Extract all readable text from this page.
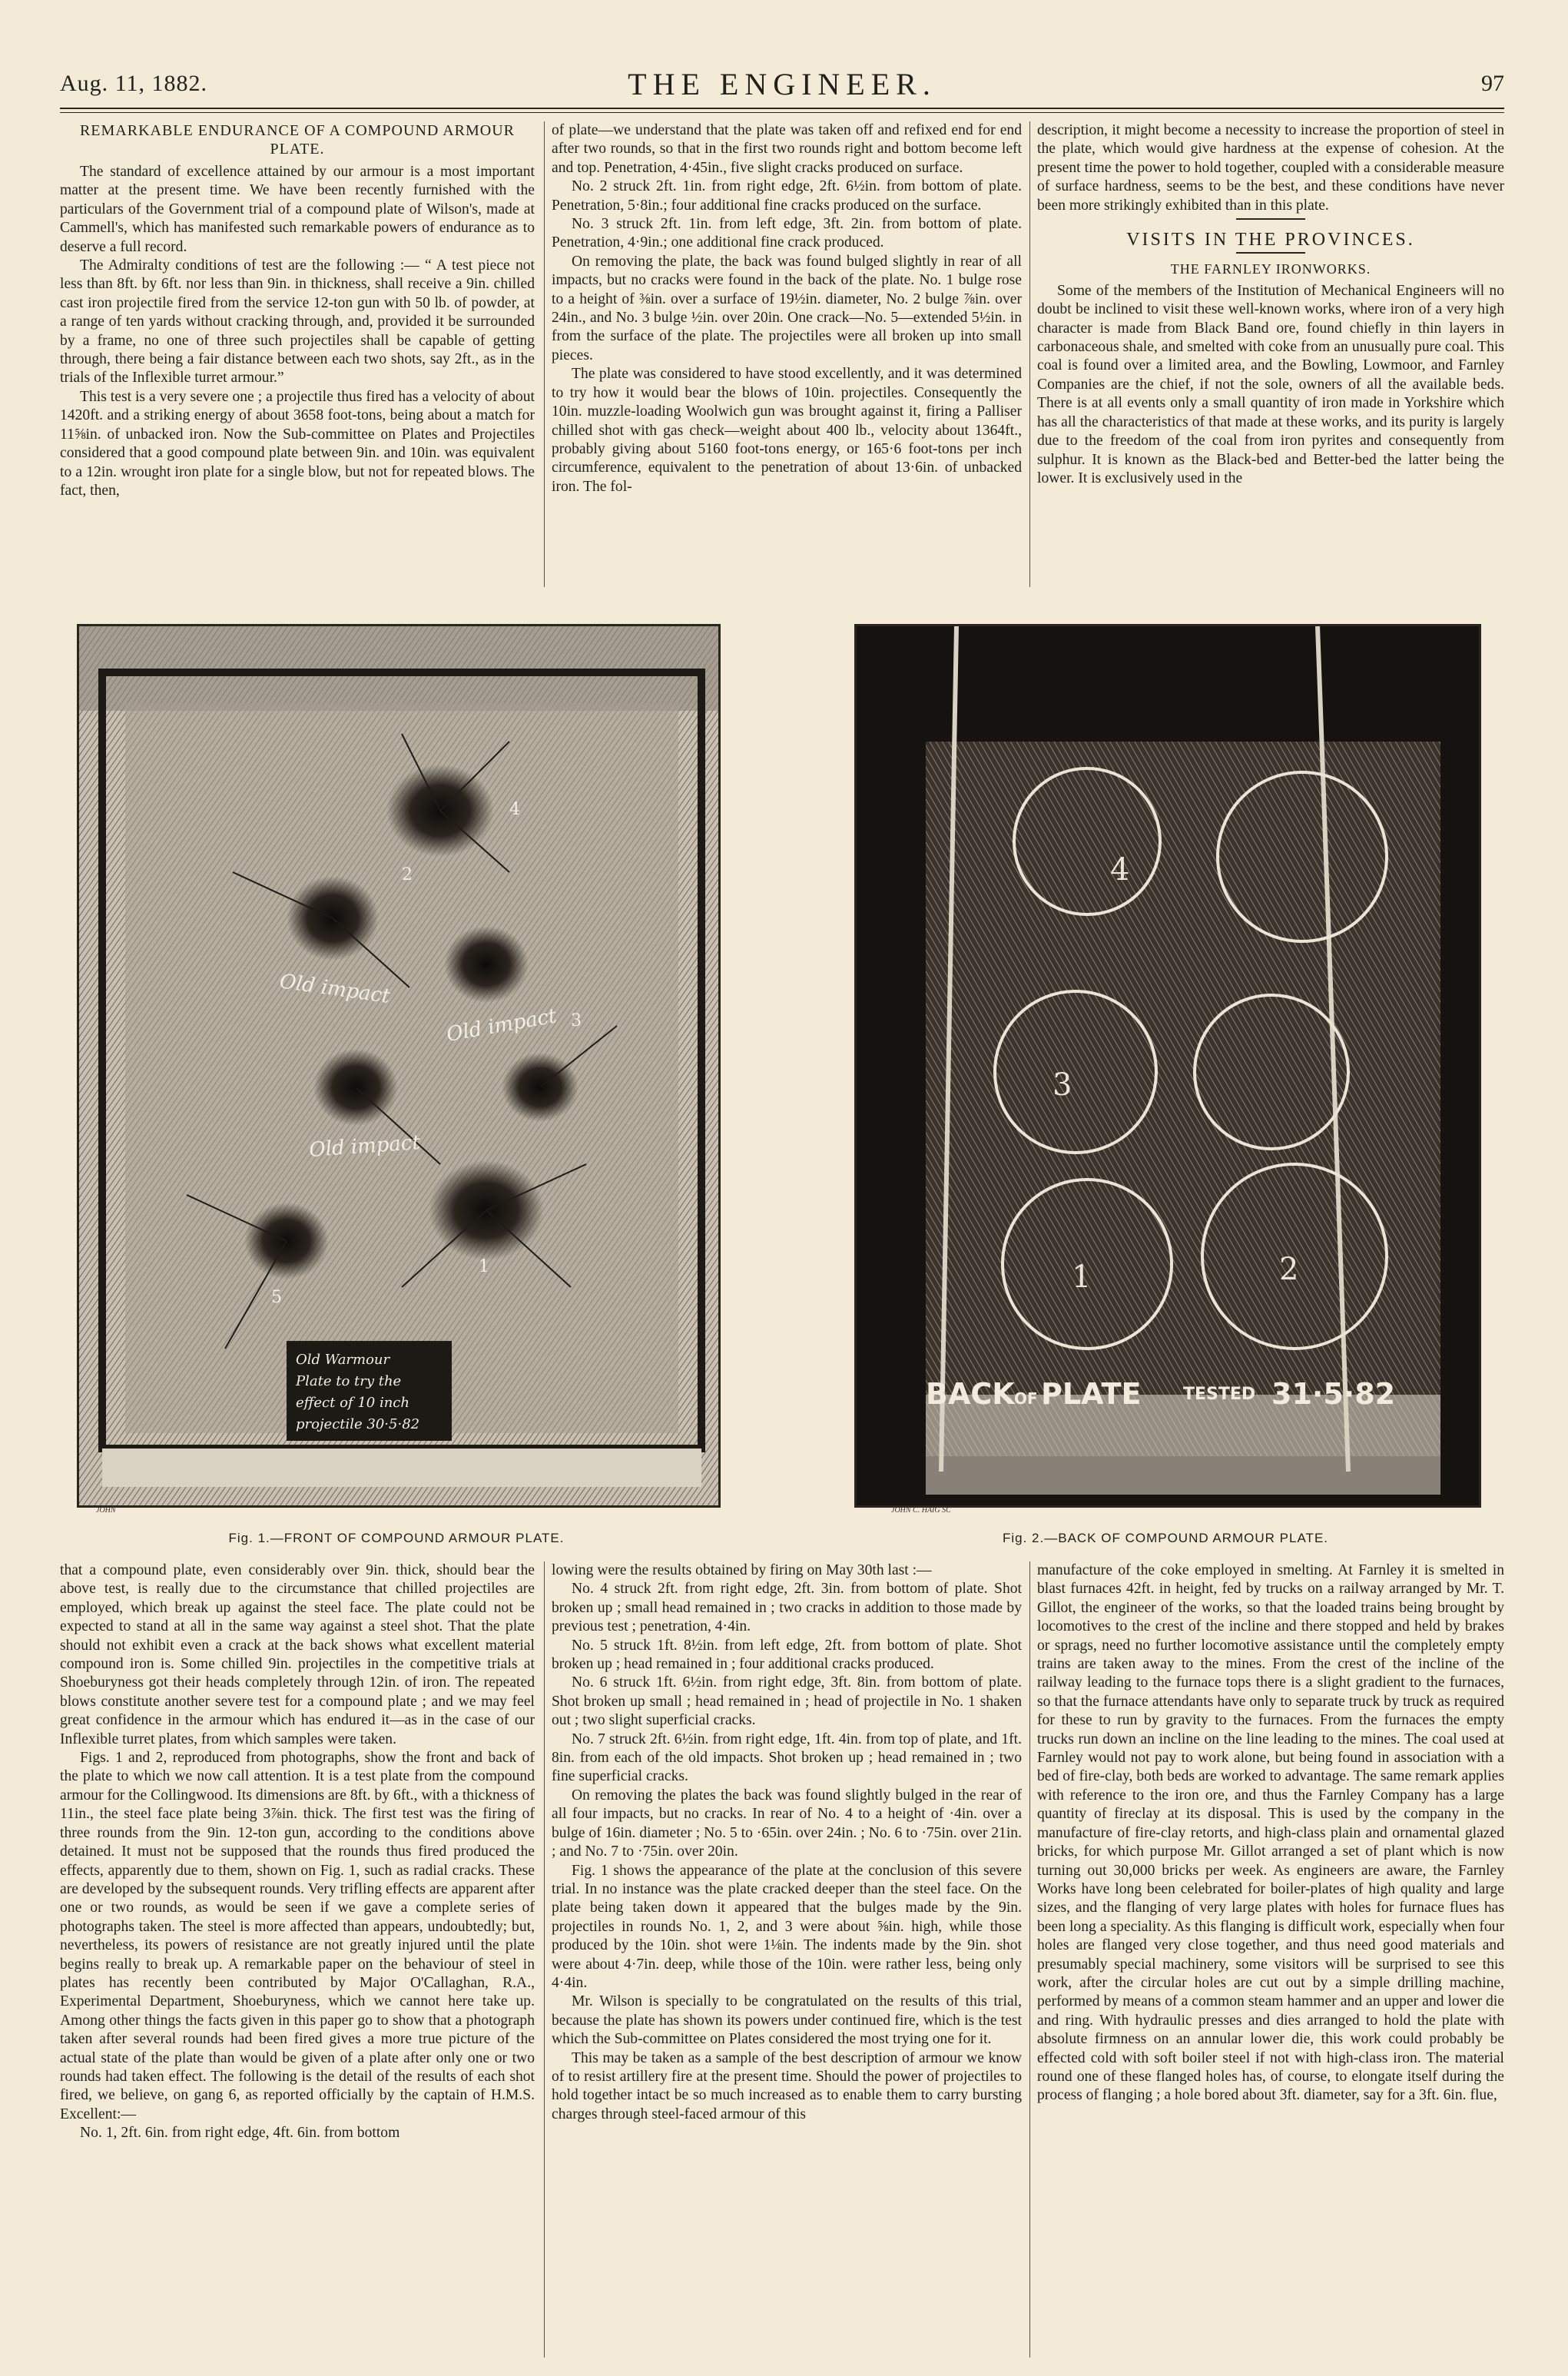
Aug. 11, 1882.	THE ENGINEER.	97
REMARKABLE ENDURANCE OF A COMPOUND ARMOUR PLATE.

The standard of excellence attained by our armour is a most important matter at the present time. We have been recently furnished with the particulars of the Government trial of a compound plate of Wilson's, made at Cammell's, which has manifested such remarkable powers of endurance as to deserve a full record.

The Admiralty conditions of test are the following :— “ A test piece not less than 8ft. by 6ft. nor less than 9in. in thickness, shall receive a 9in. chilled cast iron projectile fired from the service 12-ton gun with 50 lb. of powder, at a range of ten yards without cracking through, and, provided it be surrounded by a frame, no one of three such projectiles shall be capable of getting through, there being a fair distance between each two shots, say 2ft., as in the trials of the Inflexible turret armour.”

This test is a very severe one ; a projectile thus fired has a velocity of about 1420ft. and a striking energy of about 3658 foot-tons, being about a match for 11⅝in. of unbacked iron. Now the Sub-committee on Plates and Projectiles considered that a good compound plate between 9in. and 10in. was equivalent to a 12in. wrought iron plate for a single blow, but not for repeated blows. The fact, then,

of plate—we understand that the plate was taken off and refixed end for end after two rounds, so that in the first two rounds right and bottom become left and top. Penetration, 4·45in., five slight cracks produced on surface.

No. 2 struck 2ft. 1in. from right edge, 2ft. 6½in. from bottom of plate. Penetration, 5·8in.; four additional fine cracks produced on the surface.

No. 3 struck 2ft. 1in. from left edge, 3ft. 2in. from bottom of plate. Penetration, 4·9in.; one additional fine crack produced.

On removing the plate, the back was found bulged slightly in rear of all impacts, but no cracks were found in the back of the plate. No. 1 bulge rose to a height of ⅜in. over a surface of 19½in. diameter, No. 2 bulge ⅞in. over 24in., and No. 3 bulge ½in. over 20in. One crack—No. 5—extended 5½in. in from the surface of the plate. The projectiles were all broken up into small pieces.

The plate was considered to have stood excellently, and it was determined to try how it would bear the blows of 10in. projectiles. Consequently the 10in. muzzle-loading Woolwich gun was brought against it, firing a Palliser chilled shot with gas check—weight about 400 lb., velocity about 1364ft., probably giving about 5160 foot-tons energy, or 165·6 foot-tons per inch circumference, equivalent to the penetration of about 13·6in. of unbacked iron. The fol-

description, it might become a necessity to increase the proportion of steel in the plate, which would give hardness at the expense of cohesion. At the present time the power to hold together, coupled with a considerable measure of surface hardness, seems to be the best, and these conditions have never been more strikingly exhibited than in this plate.

VISITS IN THE PROVINCES.
THE FARNLEY IRONWORKS.

Some of the members of the Institution of Mechanical Engineers will no doubt be inclined to visit these well-known works, where iron of a very high character is made from Black Band ore, found chiefly in thin layers in carbonaceous shale, and smelted with coke from an unusually pure coal. This coal is found over a limited area, and the Bowling, Lowmoor, and Farnley Companies are the chief, if not the sole, owners of all the available beds. There is at all events only a small quantity of iron made in Yorkshire which has all the characteristics of that made at these works, and its purity is largely due to the freedom of the coal from iron pyrites and consequently from sulphur. It is known as the Black-bed and Better-bed the latter being the lower. It is exclusively used in the

2
4
3
5
1
Old impact
Old impact
Old impact
Old Warmour
Plate to try the
effect of 10 inch
projectile 30·5·82
JOHN
Fig. 1.—FRONT OF COMPOUND ARMOUR PLATE.
4
3
1	2
BACK OF PLATE TESTED 31·5·82
JOHN C. HAIG SC
Fig. 2.—BACK OF COMPOUND ARMOUR PLATE.

that a compound plate, even considerably over 9in. thick, should bear the above test, is really due to the circumstance that chilled projectiles are employed, which break up against the steel face. The plate could not be expected to stand at all in the same way against a steel shot. That the plate should not exhibit even a crack at the back shows what excellent material compound iron is. Some chilled 9in. projectiles in the competitive trials at Shoeburyness got their heads completely through 12in. of iron. The repeated blows constitute another severe test for a compound plate ; and we may feel great confidence in the armour which has endured it—as in the case of our Inflexible turret plates, from which samples were taken.

Figs. 1 and 2, reproduced from photographs, show the front and back of the plate to which we now call attention. It is a test plate from the compound armour for the Collingwood. Its dimensions are 8ft. by 6ft., with a thickness of 11in., the steel face plate being 3⅞in. thick. The first test was the firing of three rounds from the 9in. 12-ton gun, according to the conditions above detained. It must not be supposed that the rounds thus fired produced the effects, apparently due to them, shown on Fig. 1, such as radial cracks. These are developed by the subsequent rounds. Very trifling effects are apparent after one or two rounds, as would be seen if we gave a complete series of photographs taken. The steel is more affected than appears, undoubtedly; but, nevertheless, its powers of resistance are not greatly injured until the plate begins really to break up. A remarkable paper on the behaviour of steel in plates has recently been contributed by Major O'Callaghan, R.A., Experimental Department, Shoeburyness, which we cannot here take up. Among other things the facts given in this paper go to show that a photograph taken after several rounds had been fired gives a more true picture of the actual state of the plate than would be given of a plate after only one or two rounds had taken effect. The following is the detail of the results of each shot fired, we believe, on gang 6, as reported officially by the captain of H.M.S. Excellent:—

No. 1, 2ft. 6in. from right edge, 4ft. 6in. from bottom

lowing were the results obtained by firing on May 30th last :—

No. 4 struck 2ft. from right edge, 2ft. 3in. from bottom of plate. Shot broken up ; small head remained in ; two cracks in addition to those made by previous test ; penetration, 4·4in.

No. 5 struck 1ft. 8½in. from left edge, 2ft. from bottom of plate. Shot broken up ; head remained in ; four additional cracks produced.

No. 6 struck 1ft. 6½in. from right edge, 3ft. 8in. from bottom of plate. Shot broken up small ; head remained in ; head of projectile in No. 1 shaken out ; two slight superficial cracks.

No. 7 struck 2ft. 6½in. from right edge, 1ft. 4in. from top of plate, and 1ft. 8in. from each of the old impacts. Shot broken up ; head remained in ; two fine superficial cracks.

On removing the plates the back was found slightly bulged in the rear of all four impacts, but no cracks. In rear of No. 4 to a height of ·4in. over a bulge of 16in. diameter ; No. 5 to ·65in. over 24in. ; No. 6 to ·75in. over 21in. ; and No. 7 to ·75in. over 20in.

Fig. 1 shows the appearance of the plate at the conclusion of this severe trial. In no instance was the plate cracked deeper than the steel face. On the plate being taken down it appeared that the bulges made by the 9in. projectiles in rounds No. 1, 2, and 3 were about ⅝in. high, while those produced by the 10in. shot were 1⅛in. The indents made by the 9in. shot were about 4·7in. deep, while those of the 10in. were rather less, being only 4·4in.

Mr. Wilson is specially to be congratulated on the results of this trial, because the plate has shown its powers under continued fire, which is the test which the Sub-committee on Plates considered the most trying one for it.

This may be taken as a sample of the best description of armour we know of to resist artillery fire at the present time. Should the power of projectiles to hold together intact be so much increased as to enable them to carry bursting charges through steel-faced armour of this

manufacture of the coke employed in smelting. At Farnley it is smelted in blast furnaces 42ft. in height, fed by trucks on a railway arranged by Mr. T. Gillot, the engineer of the works, so that the loaded trains being brought by locomotives to the crest of the incline and there stopped and held by brakes or sprags, need no further locomotive assistance until the completely empty trains are taken away to the mines. From the crest of the incline of the railway leading to the furnace tops there is a slight gradient to the furnaces, so that the furnace attendants have only to separate truck by truck as required for these to run by gravity to the furnaces. From the furnaces the empty trucks run down an incline on the line leading to the mines. The coal used at Farnley would not pay to work alone, but being found in association with a bed of fire-clay, both beds are worked to advantage. The same remark applies with reference to the iron ore, and thus the Farnley Company has a large quantity of fireclay at its disposal. This is used by the company in the manufacture of fire-clay retorts, and high-class plain and ornamental glazed bricks, for which purpose Mr. Gillot arranged a set of plant which is now turning out 30,000 bricks per week. As engineers are aware, the Farnley Works have long been celebrated for boiler-plates of high quality and large sizes, and the flanging of very large plates with holes for furnace flues has been long a speciality. As this flanging is difficult work, especially when four holes are flanged very close together, and thus need good materials and presumably special machinery, some visitors will be surprised to see this work, after the circular holes are cut out by a simple drilling machine, performed by means of a common steam hammer and an upper and lower die and ring. With hydraulic presses and dies arranged to hold the plate with absolute firmness on an annular lower die, this work could probably be effected cold with soft boiler steel if not with high-class iron. The material round one of these flanged holes has, of course, to elongate itself during the process of flanging ; a hole bored about 3ft. diameter, say for a 3ft. 6in. flue,
